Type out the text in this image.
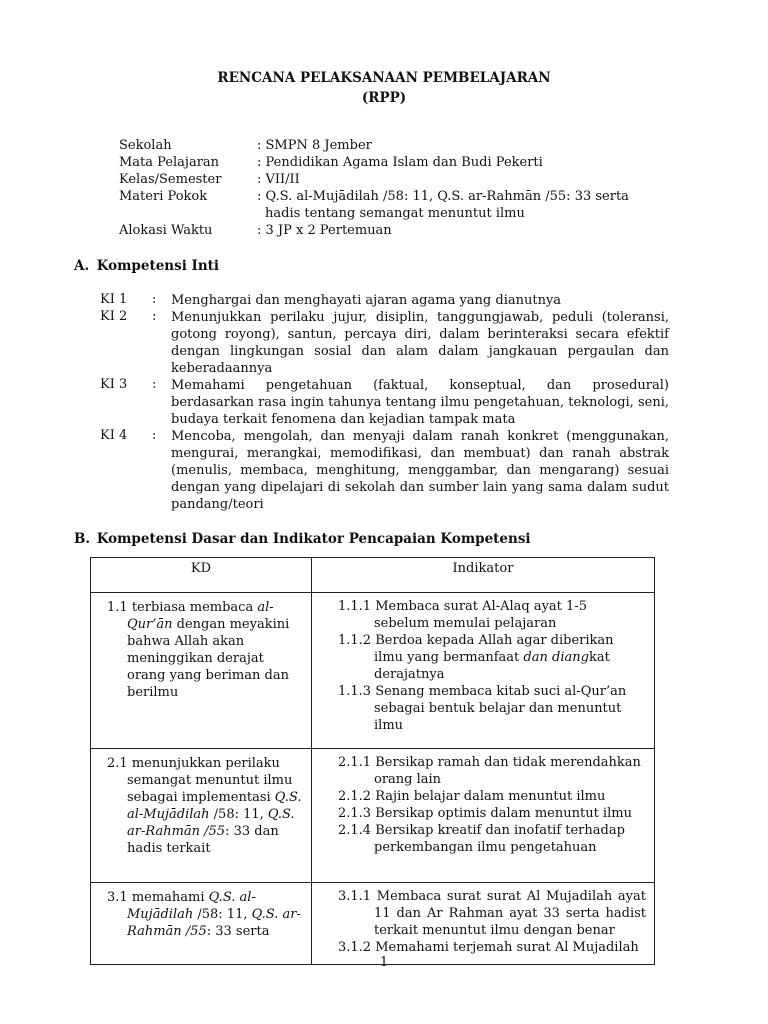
RENCANA PELAKSANAAN PEMBELAJARAN
(RPP)
Sekolah	: SMPN 8 Jember
Mata Pelajaran	: Pendidikan Agama Islam dan Budi Pekerti
Kelas/Semester	: VII/II
Materi Pokok	: Q.S. al-Mujādilah /58: 11, Q.S. ar-Rahmān /55: 33 serta
hadis tentang semangat menuntut ilmu
Alokasi Waktu	: 3 JP x 2 Pertemuan
A. Kompetensi Inti
KI 1 : Menghargai dan menghayati ajaran agama yang dianutnya
KI 2 : Menunjukkan perilaku jujur, disiplin, tanggungjawab, peduli (toleransi, gotong royong), santun, percaya diri, dalam berinteraksi secara efektif dengan lingkungan sosial dan alam dalam jangkauan pergaulan dan keberadaannya
KI 3 : Memahami pengetahuan (faktual, konseptual, dan prosedural) berdasarkan rasa ingin tahunya tentang ilmu pengetahuan, teknologi, seni, budaya terkait fenomena dan kejadian tampak mata
KI 4 : Mencoba, mengolah, dan menyaji dalam ranah konkret (menggunakan, mengurai, merangkai, memodifikasi, dan membuat) dan ranah abstrak (menulis, membaca, menghitung, menggambar, dan mengarang) sesuai dengan yang dipelajari di sekolah dan sumber lain yang sama dalam sudut pandang/teori
B. Kompetensi Dasar dan Indikator Pencapaian Kompetensi
KD	Indikator

1.1 terbiasa membaca al-Qur’ān dengan meyakini bahwa Allah akan meninggikan derajat orang yang beriman dan berilmu	1.1.1 Membaca surat Al-Alaq ayat 1-5 sebelum memulai pelajaran
1.1.2 Berdoa kepada Allah agar diberikan ilmu yang bermanfaat dan diangkat derajatnya
1.1.3 Senang membaca kitab suci al-Qur’an sebagai bentuk belajar dan menuntut ilmu

2.1 menunjukkan perilaku semangat menuntut ilmu sebagai implementasi Q.S. al-Mujādilah /58: 11, Q.S. ar-Rahmān /55: 33 dan hadis terkait	2.1.1 Bersikap ramah dan tidak merendahkan orang lain
2.1.2 Rajin belajar dalam menuntut ilmu
2.1.3 Bersikap optimis dalam menuntut ilmu
2.1.4 Bersikap kreatif dan inofatif terhadap perkembangan ilmu pengetahuan

3.1 memahami Q.S. al-Mujādilah /58: 11, Q.S. ar-Rahmān /55: 33 serta	3.1.1 Membaca surat surat Al Mujadilah ayat 11 dan Ar Rahman ayat 33 serta hadist terkait menuntut ilmu dengan benar
3.1.2 Memahami terjemah surat Al Mujadilah
1
